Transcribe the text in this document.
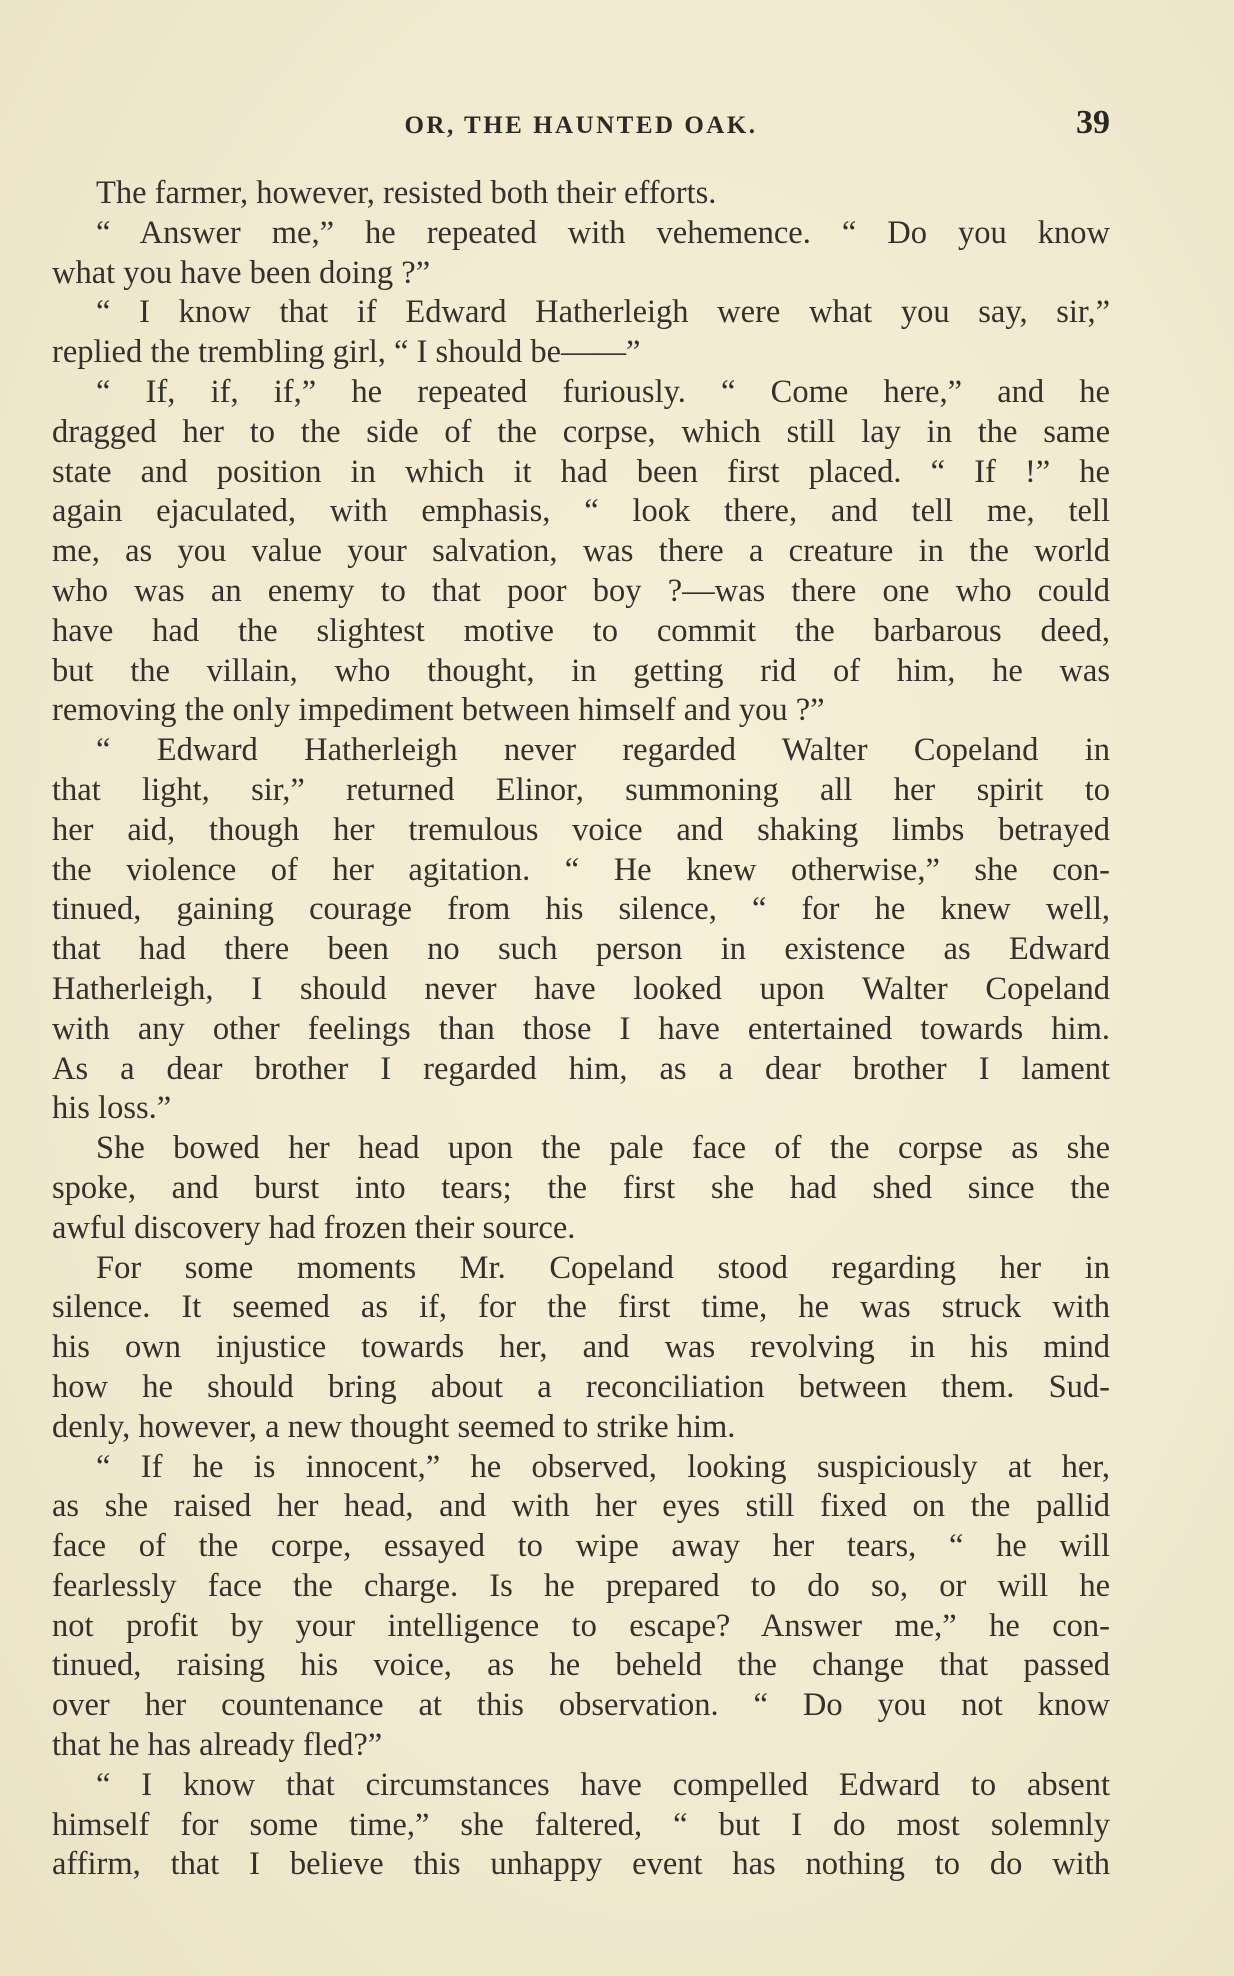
OR, THE HAUNTED OAK.	39
The farmer, however, resisted both their efforts.
“ Answer me,” he repeated with vehemence. “ Do you know
what you have been doing ?”
“ I know that if Edward Hatherleigh were what you say, sir,”
replied the trembling girl, “ I should be——”
“ If, if, if,” he repeated furiously. “ Come here,” and he
dragged her to the side of the corpse, which still lay in the same
state and position in which it had been first placed. “ If !” he
again ejaculated, with emphasis, “ look there, and tell me, tell
me, as you value your salvation, was there a creature in the world
who was an enemy to that poor boy ?—was there one who could
have had the slightest motive to commit the barbarous deed,
but the villain, who thought, in getting rid of him, he was
removing the only impediment between himself and you ?”
“ Edward Hatherleigh never regarded Walter Copeland in
that light, sir,” returned Elinor, summoning all her spirit to
her aid, though her tremulous voice and shaking limbs betrayed
the violence of her agitation. “ He knew otherwise,” she con-
tinued, gaining courage from his silence, “ for he knew well,
that had there been no such person in existence as Edward
Hatherleigh, I should never have looked upon Walter Copeland
with any other feelings than those I have entertained towards him.
As a dear brother I regarded him, as a dear brother I lament
his loss.”
She bowed her head upon the pale face of the corpse as she
spoke, and burst into tears; the first she had shed since the
awful discovery had frozen their source.
For some moments Mr. Copeland stood regarding her in
silence. It seemed as if, for the first time, he was struck with
his own injustice towards her, and was revolving in his mind
how he should bring about a reconciliation between them. Sud-
denly, however, a new thought seemed to strike him.
“ If he is innocent,” he observed, looking suspiciously at her,
as she raised her head, and with her eyes still fixed on the pallid
face of the corpe, essayed to wipe away her tears, “ he will
fearlessly face the charge. Is he prepared to do so, or will he
not profit by your intelligence to escape? Answer me,” he con-
tinued, raising his voice, as he beheld the change that passed
over her countenance at this observation. “ Do you not know
that he has already fled?”
“ I know that circumstances have compelled Edward to absent
himself for some time,” she faltered, “ but I do most solemnly
affirm, that I believe this unhappy event has nothing to do with
